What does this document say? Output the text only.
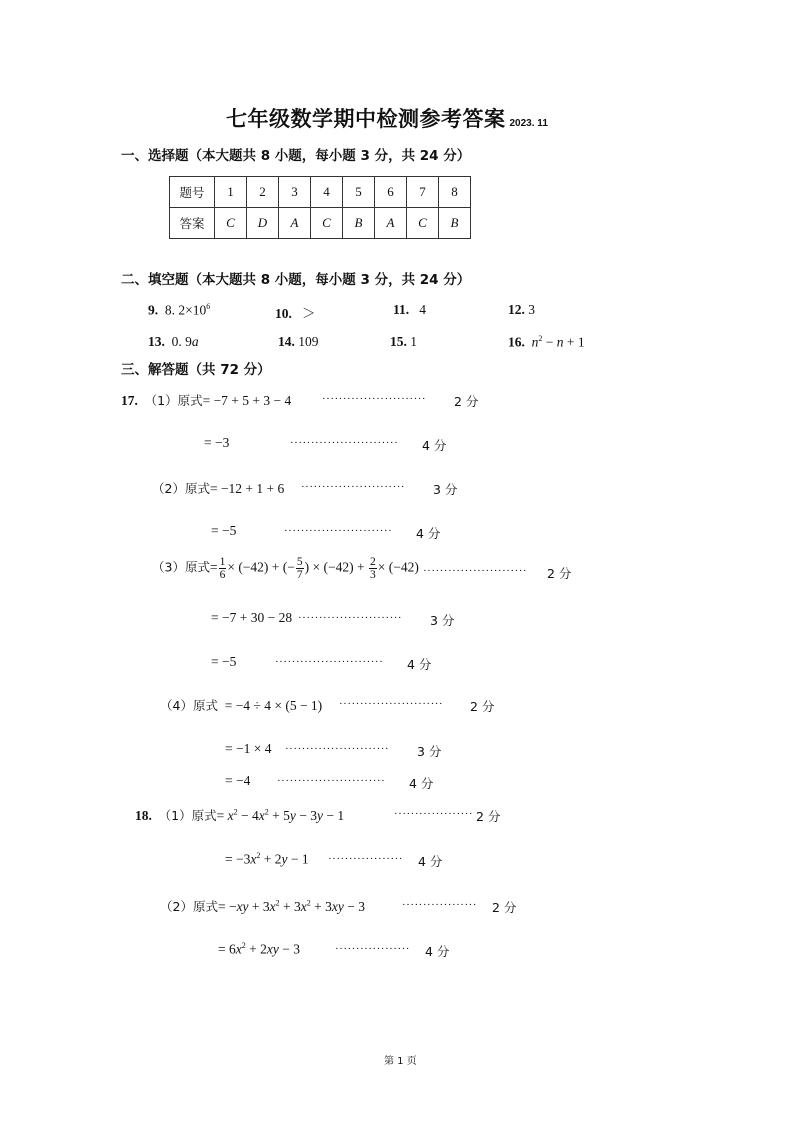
七年级数学期中检测参考答案 2023. 11
一、选择题（本大题共 8 小题，每小题 3 分，共 24 分）
题号	1	2	3	4	5	6	7	8
答案	C	D	A	C	B	A	C	B
二、填空题（本大题共 8 小题，每小题 3 分，共 24 分）
9. 8. $2\times 10^6$	10. ＞	11. 4	12. 3
13. 0. 9a	14. 109	15. 1	16. $n^2 - n + 1$
三、解答题（共 72 分）
17. （1）原式= −7 + 5 + 3 − 4	························· 2 分
= −3	·························· 4 分
（2）原式= −12 + 1 + 6 ························· 3 分
= −5	·························· 4 分
（3）原式= $\frac{1}{6} \times (-42)$ + (− $\frac{5}{7}$ ) × $(-42) + \frac{2}{3} \times (-42)$ ························· 2 分
= −7 + 30 − 28 ························· 3 分
= −5	·························· 4 分
（4）原式 = −4 ÷ 4 × (5 − 1) ························· 2 分
= −1 × 4 ························· 3 分
= −4 ·························· 4 分
18. （1）原式= $x^2 - 4x^2 + 5y - 3y - 1$	··················· 2 分
= $-3x^2 + 2y - 1$ ·················· 4 分
（2）原式= $-xy + 3x^2 + 3x^2 + 3xy - 3$	·················· 2 分
= $6x^2 + 2xy - 3$	·················· 4 分
第 1 页
